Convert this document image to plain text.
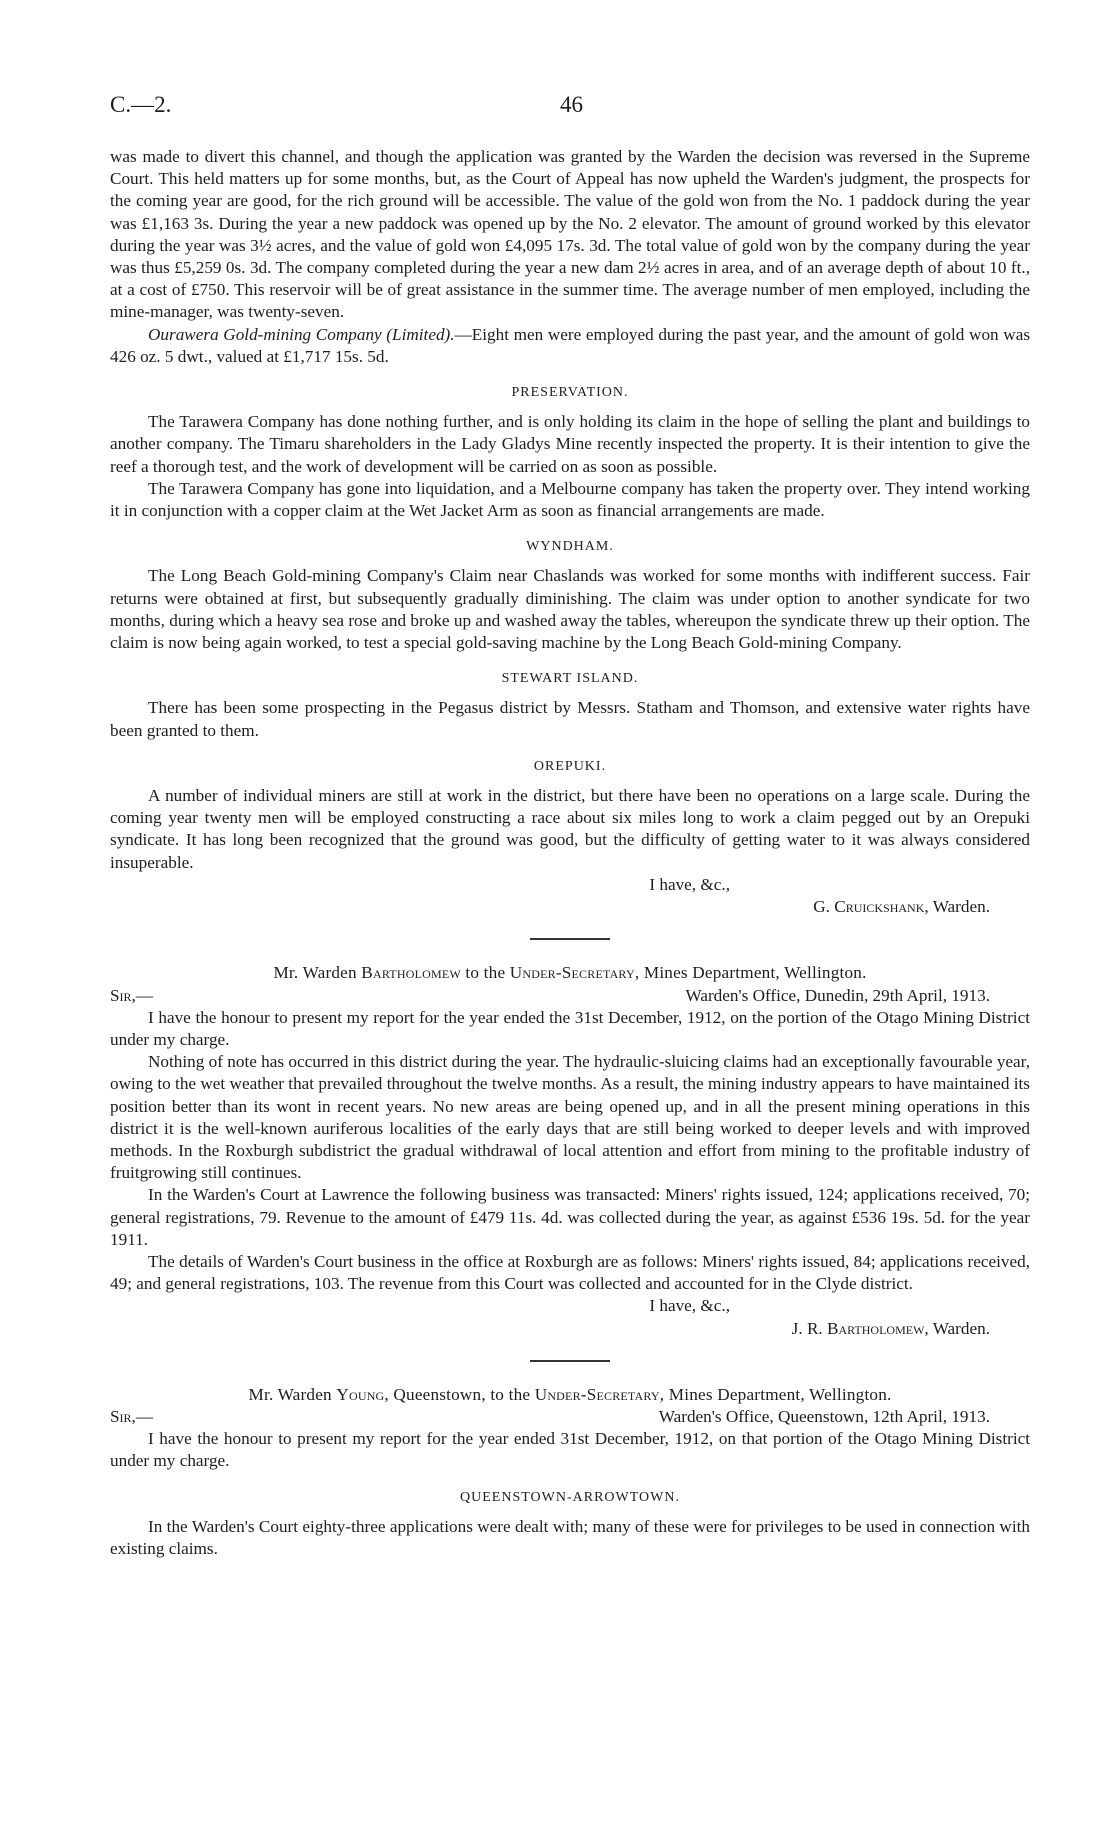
C.—2.	46

was made to divert this channel, and though the application was granted by the Warden the decision was reversed in the Supreme Court. This held matters up for some months, but, as the Court of Appeal has now upheld the Warden's judgment, the prospects for the coming year are good, for the rich ground will be accessible. The value of the gold won from the No. 1 paddock during the year was £1,163 3s. During the year a new paddock was opened up by the No. 2 elevator. The amount of ground worked by this elevator during the year was 3½ acres, and the value of gold won £4,095 17s. 3d. The total value of gold won by the company during the year was thus £5,259 0s. 3d. The company completed during the year a new dam 2½ acres in area, and of an average depth of about 10 ft., at a cost of £750. This reservoir will be of great assistance in the summer time. The average number of men employed, including the mine-manager, was twenty-seven.

Ourawera Gold-mining Company (Limited).—Eight men were employed during the past year, and the amount of gold won was 426 oz. 5 dwt., valued at £1,717 15s. 5d.

PRESERVATION.

The Tarawera Company has done nothing further, and is only holding its claim in the hope of selling the plant and buildings to another company. The Timaru shareholders in the Lady Gladys Mine recently inspected the property. It is their intention to give the reef a thorough test, and the work of development will be carried on as soon as possible.

The Tarawera Company has gone into liquidation, and a Melbourne company has taken the property over. They intend working it in conjunction with a copper claim at the Wet Jacket Arm as soon as financial arrangements are made.

WYNDHAM.

The Long Beach Gold-mining Company's Claim near Chaslands was worked for some months with indifferent success. Fair returns were obtained at first, but subsequently gradually diminishing. The claim was under option to another syndicate for two months, during which a heavy sea rose and broke up and washed away the tables, whereupon the syndicate threw up their option. The claim is now being again worked, to test a special gold-saving machine by the Long Beach Gold-mining Company.

STEWART ISLAND.

There has been some prospecting in the Pegasus district by Messrs. Statham and Thomson, and extensive water rights have been granted to them.

OREPUKI.

A number of individual miners are still at work in the district, but there have been no operations on a large scale. During the coming year twenty men will be employed constructing a race about six miles long to work a claim pegged out by an Orepuki syndicate. It has long been recognized that the ground was good, but the difficulty of getting water to it was always considered insuperable.

I have, &c.,

G. Cruickshank, Warden.

Mr. Warden Bartholomew to the Under-Secretary, Mines Department, Wellington.

Sir,—	Warden's Office, Dunedin, 29th April, 1913.

I have the honour to present my report for the year ended the 31st December, 1912, on the portion of the Otago Mining District under my charge.

Nothing of note has occurred in this district during the year. The hydraulic-sluicing claims had an exceptionally favourable year, owing to the wet weather that prevailed throughout the twelve months. As a result, the mining industry appears to have maintained its position better than its wont in recent years. No new areas are being opened up, and in all the present mining operations in this district it is the well-known auriferous localities of the early days that are still being worked to deeper levels and with improved methods. In the Roxburgh subdistrict the gradual withdrawal of local attention and effort from mining to the profitable industry of fruitgrowing still continues.

In the Warden's Court at Lawrence the following business was transacted: Miners' rights issued, 124; applications received, 70; general registrations, 79. Revenue to the amount of £479 11s. 4d. was collected during the year, as against £536 19s. 5d. for the year 1911.

The details of Warden's Court business in the office at Roxburgh are as follows: Miners' rights issued, 84; applications received, 49; and general registrations, 103. The revenue from this Court was collected and accounted for in the Clyde district.

I have, &c.,

J. R. Bartholomew, Warden.

Mr. Warden Young, Queenstown, to the Under-Secretary, Mines Department, Wellington.

Sir,—	Warden's Office, Queenstown, 12th April, 1913.

I have the honour to present my report for the year ended 31st December, 1912, on that portion of the Otago Mining District under my charge.

QUEENSTOWN-ARROWTOWN.

In the Warden's Court eighty-three applications were dealt with; many of these were for privileges to be used in connection with existing claims.
